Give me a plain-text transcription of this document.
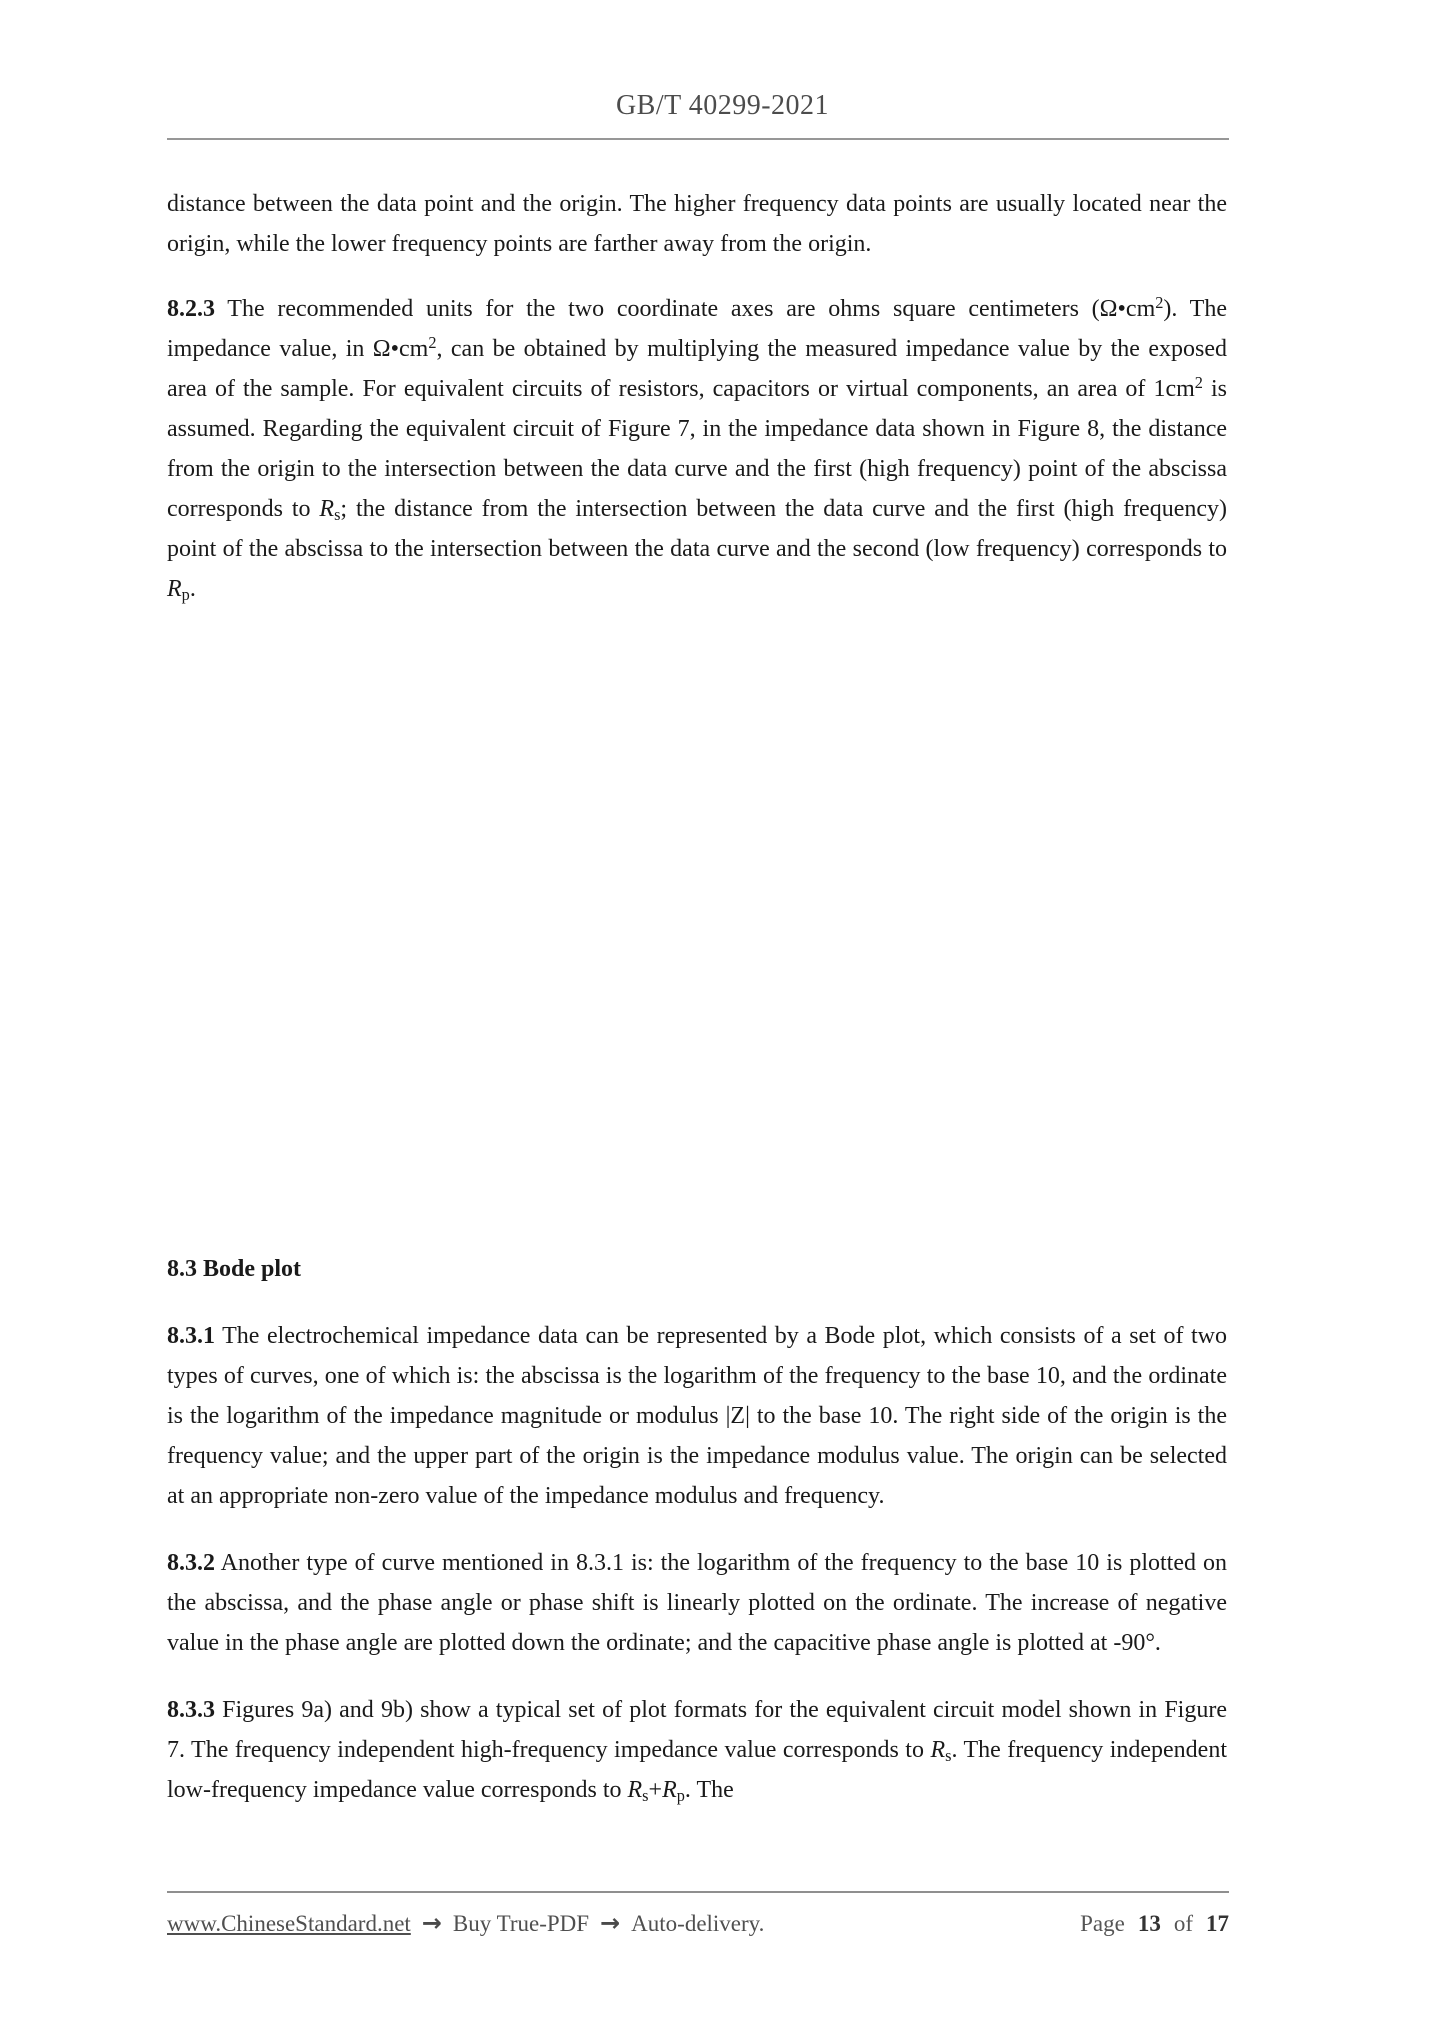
GB/T 40299-2021

distance between the data point and the origin. The higher frequency data points are usually located near the origin, while the lower frequency points are farther away from the origin.

8.2.3 The recommended units for the two coordinate axes are ohms square centimeters $(\Omega•cm^2)$. The impedance value, in $\Omega•cm^2$, can be obtained by multiplying the measured impedance value by the exposed area of the sample. For equivalent circuits of resistors, capacitors or virtual components, an area of $1cm^2$ is assumed. Regarding the equivalent circuit of Figure 7, in the impedance data shown in Figure 8, the distance from the origin to the intersection between the data curve and the first (high frequency) point of the abscissa corresponds to $R_s$; the distance from the intersection between the data curve and the first (high frequency) point of the abscissa to the intersection between the data curve and the second (low frequency) corresponds to $R_p$.

8.3 Bode plot

8.3.1 The electrochemical impedance data can be represented by a Bode plot, which consists of a set of two types of curves, one of which is: the abscissa is the logarithm of the frequency to the base 10, and the ordinate is the logarithm of the impedance magnitude or modulus |Z| to the base 10. The right side of the origin is the frequency value; and the upper part of the origin is the impedance modulus value. The origin can be selected at an appropriate non-zero value of the impedance modulus and frequency.

8.3.2 Another type of curve mentioned in 8.3.1 is: the logarithm of the frequency to the base 10 is plotted on the abscissa, and the phase angle or phase shift is linearly plotted on the ordinate. The increase of negative value in the phase angle are plotted down the ordinate; and the capacitive phase angle is plotted at -90°.

8.3.3 Figures 9a) and 9b) show a typical set of plot formats for the equivalent circuit model shown in Figure 7. The frequency independent high-frequency impedance value corresponds to $R_s$. The frequency independent low-frequency impedance value corresponds to $R_s+R_p$. The

www.ChineseStandard.net → Buy True-PDF → Auto-delivery.	Page 13 of 17
